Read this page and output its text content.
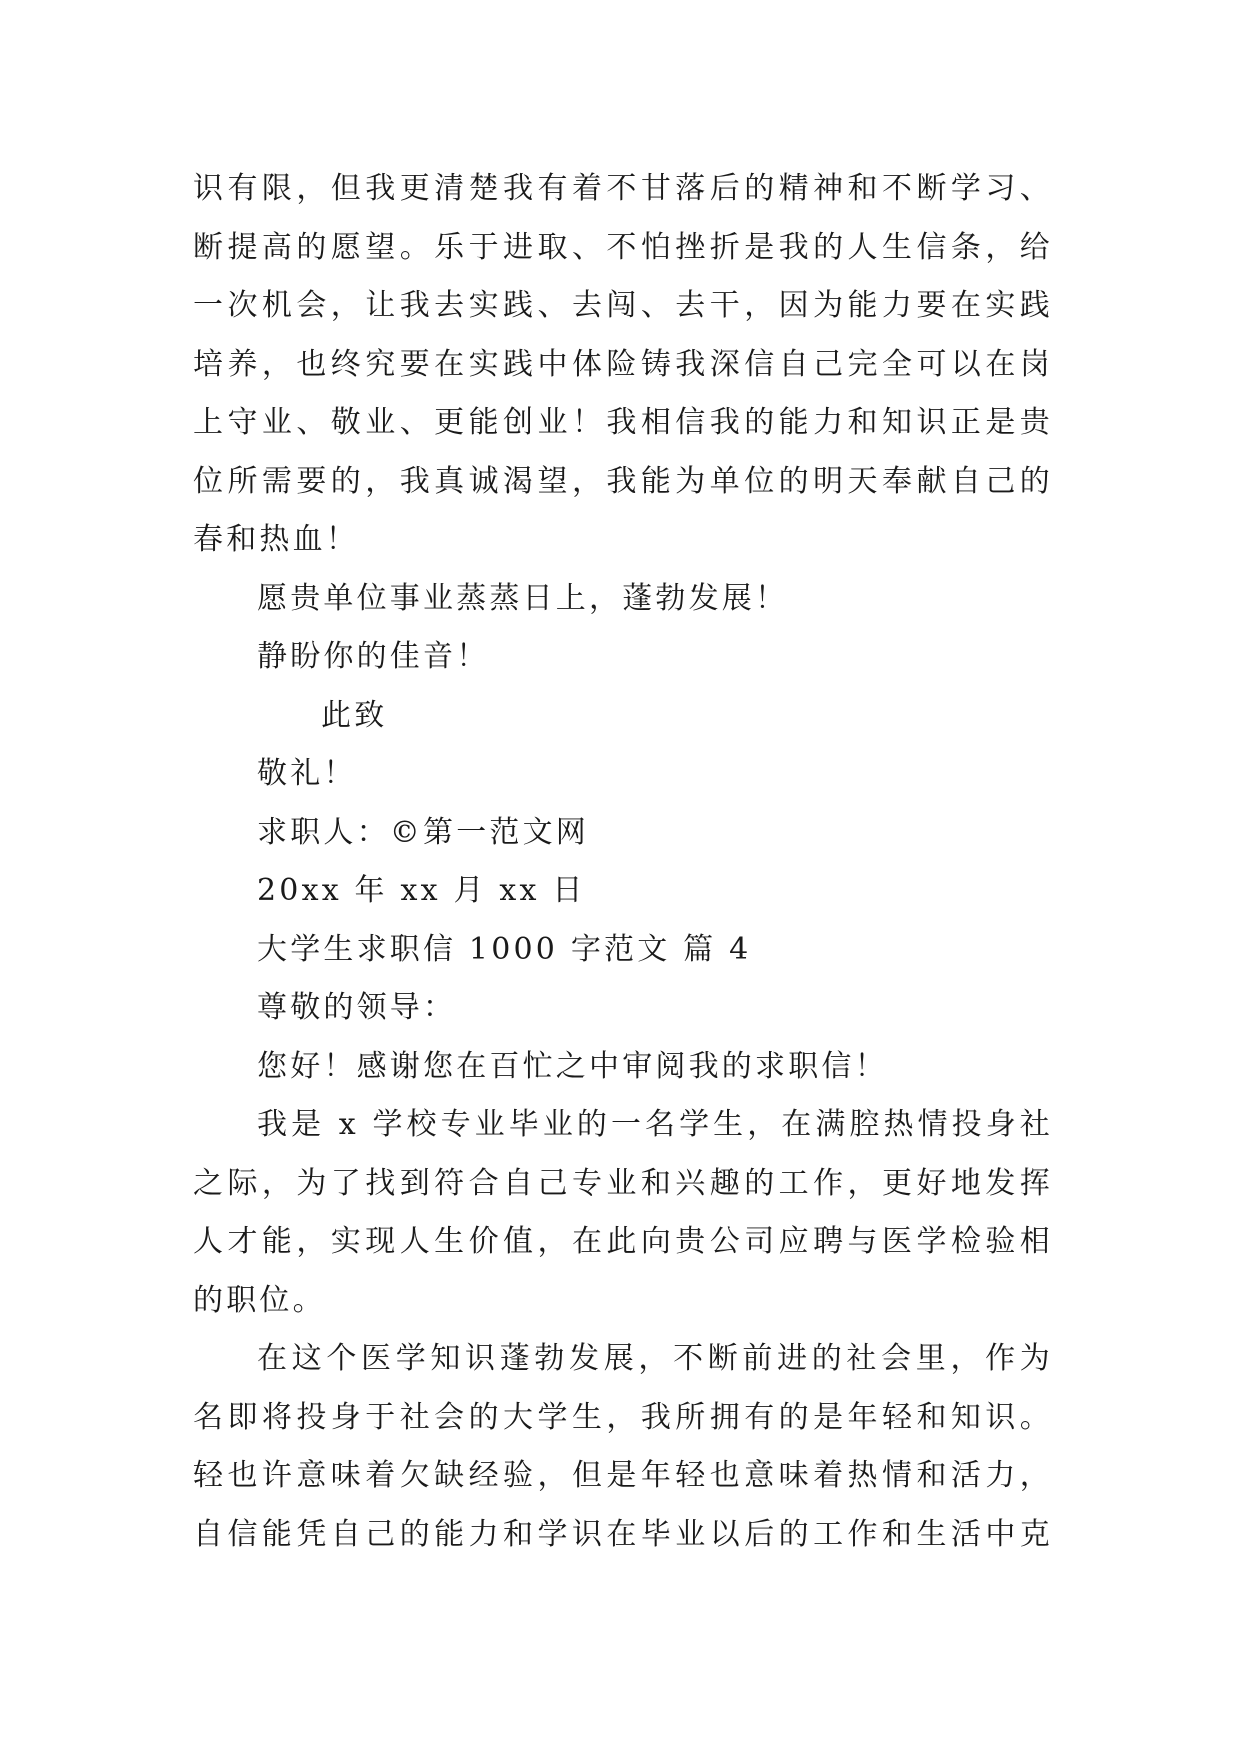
识有限，但我更清楚我有着不甘落后的精神和不断学习、
断提高的愿望。乐于进取、不怕挫折是我的人生信条，给
一次机会，让我去实践、去闯、去干，因为能力要在实践
培养，也终究要在实践中体险铸我深信自己完全可以在岗
上守业、敬业、更能创业！我相信我的能力和知识正是贵
位所需要的，我真诚渴望，我能为单位的明天奉献自己的
春和热血！
愿贵单位事业蒸蒸日上，蓬勃发展！
静盼你的佳音！
此致
敬礼！
求职人：©第一范文网
20xx 年 xx 月 xx 日
大学生求职信 1000 字范文 篇 4
尊敬的领导：
您好！感谢您在百忙之中审阅我的求职信！
我是 x 学校专业毕业的一名学生，在满腔热情投身社
之际，为了找到符合自己专业和兴趣的工作，更好地发挥
人才能，实现人生价值，在此向贵公司应聘与医学检验相
的职位。
在这个医学知识蓬勃发展，不断前进的社会里，作为
名即将投身于社会的大学生，我所拥有的是年轻和知识。
轻也许意味着欠缺经验，但是年轻也意味着热情和活力，
自信能凭自己的能力和学识在毕业以后的工作和生活中克
